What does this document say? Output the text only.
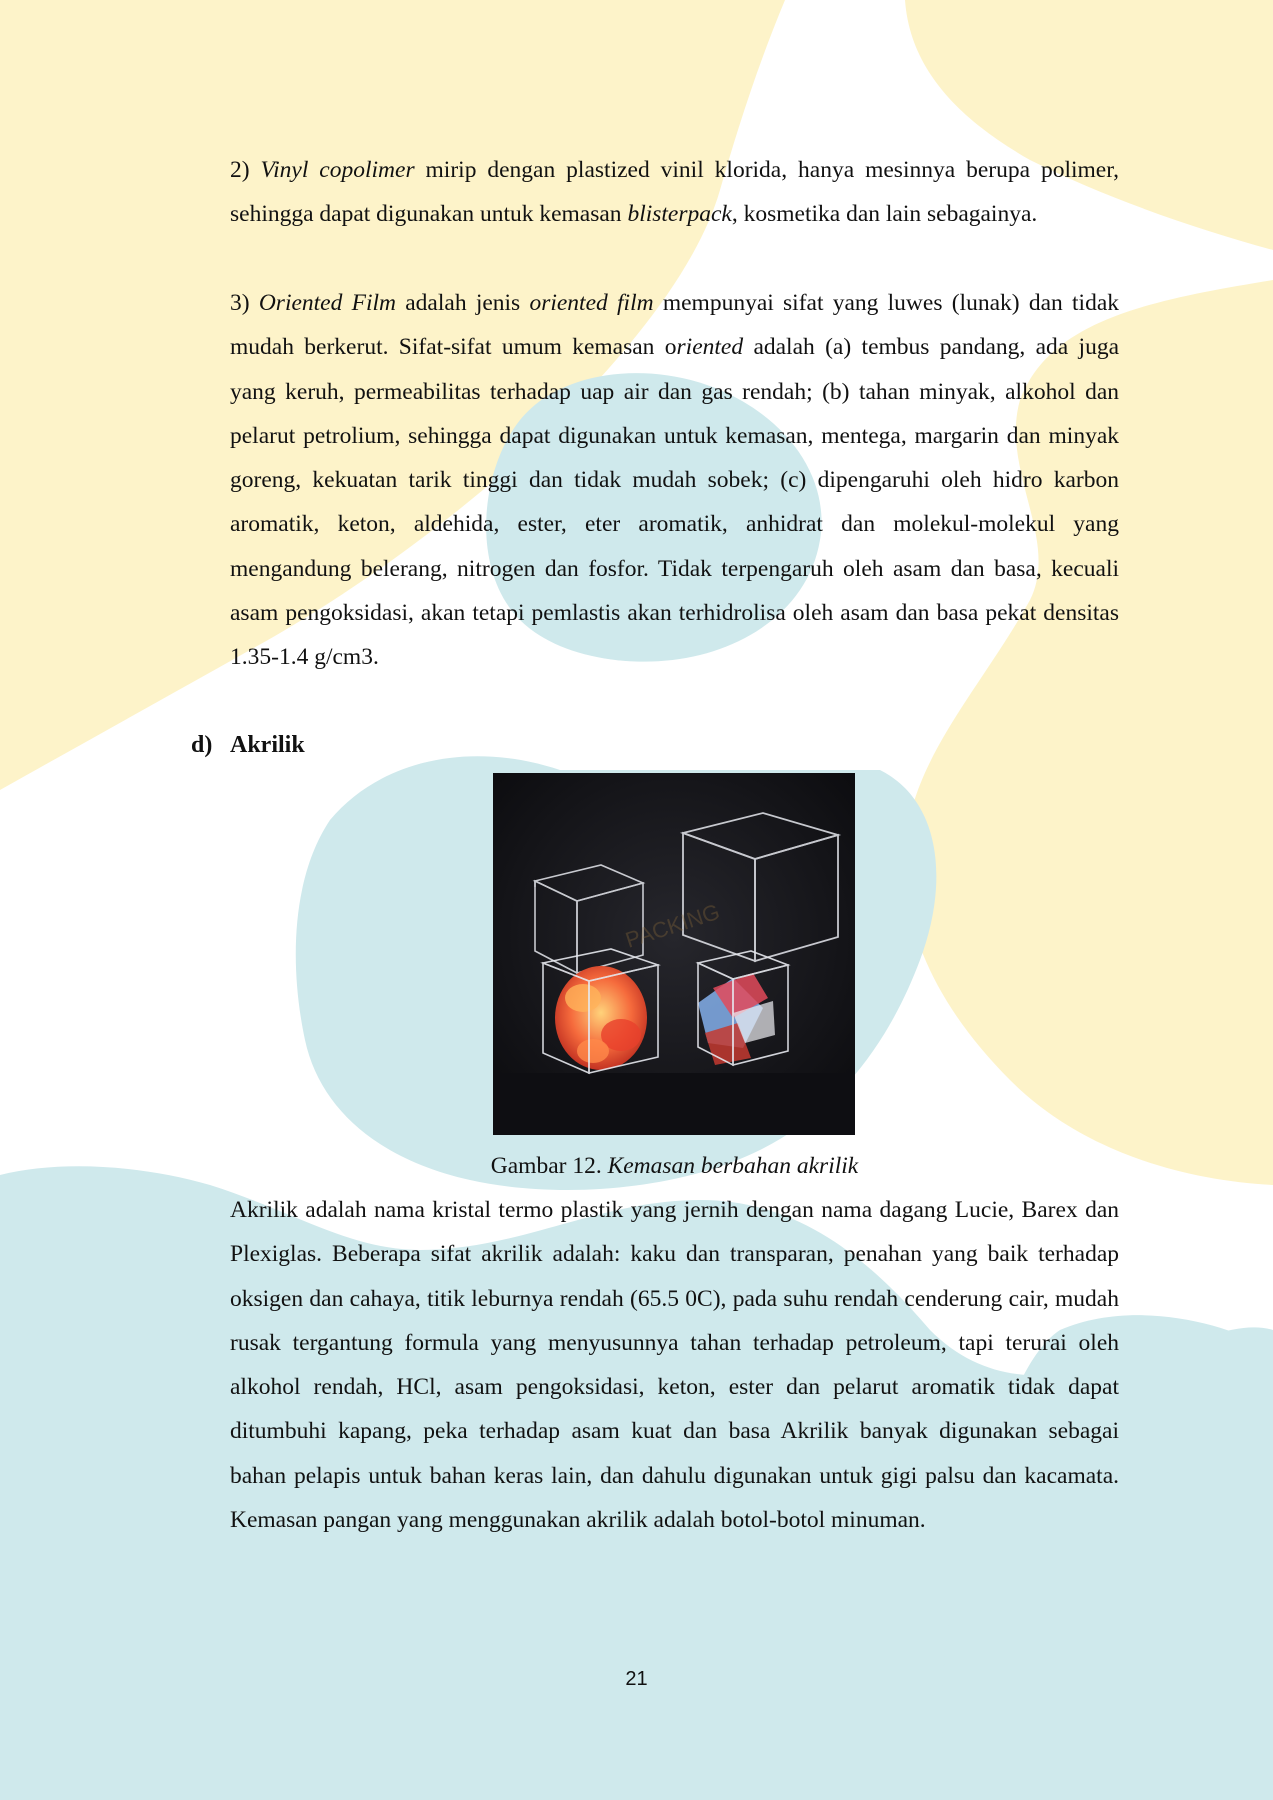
2) Vinyl copolimer mirip dengan plastized vinil klorida, hanya mesinnya berupa polimer, sehingga dapat digunakan untuk kemasan blisterpack, kosmetika dan lain sebagainya.

3) Oriented Film adalah jenis oriented film mempunyai sifat yang luwes (lunak) dan tidak mudah berkerut. Sifat-sifat umum kemasan oriented adalah (a) tembus pandang, ada juga yang keruh, permeabilitas terhadap uap air dan gas rendah; (b) tahan minyak, alkohol dan pelarut petrolium, sehingga dapat digunakan untuk kemasan, mentega, margarin dan minyak goreng, kekuatan tarik tinggi dan tidak mudah sobek; (c) dipengaruhi oleh hidro karbon aromatik, keton, aldehida, ester, eter aromatik, anhidrat dan molekul-molekul yang mengandung belerang, nitrogen dan fosfor. Tidak terpengaruh oleh asam dan basa, kecuali asam pengoksidasi, akan tetapi pemlastis akan terhidrolisa oleh asam dan basa pekat densitas 1.35-1.4 g/cm3.

d) Akrilik
PACKING

Gambar 12. Kemasan berbahan akrilik

Akrilik adalah nama kristal termo plastik yang jernih dengan nama dagang Lucie, Barex dan Plexiglas. Beberapa sifat akrilik adalah: kaku dan transparan, penahan yang baik terhadap oksigen dan cahaya, titik leburnya rendah (65.5 0C), pada suhu rendah cenderung cair, mudah rusak tergantung formula yang menyusunnya tahan terhadap petroleum, tapi terurai oleh alkohol rendah, HCl, asam pengoksidasi, keton, ester dan pelarut aromatik tidak dapat ditumbuhi kapang, peka terhadap asam kuat dan basa Akrilik banyak digunakan sebagai bahan pelapis untuk bahan keras lain, dan dahulu digunakan untuk gigi palsu dan kacamata. Kemasan pangan yang menggunakan akrilik adalah botol-botol minuman.

21
